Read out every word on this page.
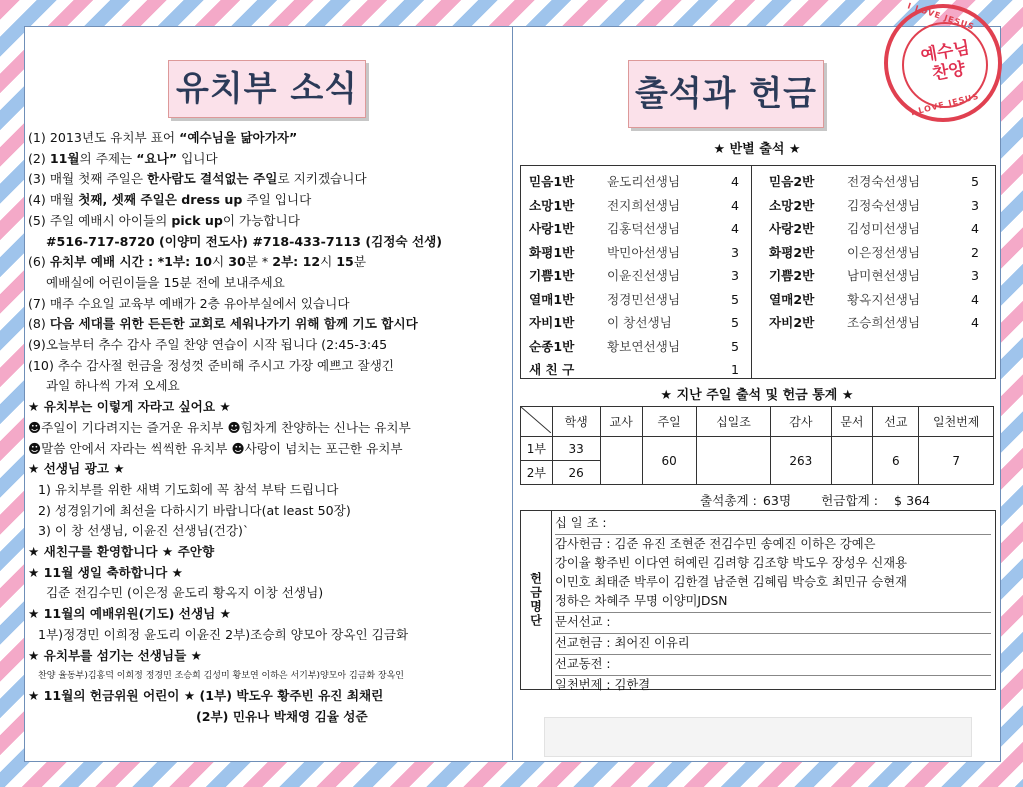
유치부 소식	출석과 헌금
예수님
찬양
I LOVE JESUS
I LOVE JESUS
(1) 2013년도 유치부 표어 “예수님을 닮아가자”
(2) 11월의 주제는 “요나” 입니다
(3) 매월 첫째 주일은 한사람도 결석없는 주일로 지키겠습니다
(4) 매월 첫째, 셋째 주일은 dress up 주일 입니다
(5) 주일 예배시 아이들의 pick up이 가능합니다
#516-717-8720 (이양미 전도사) #718-433-7113 (김정숙 선생)
(6) 유치부 예배 시간 : *1부: 10시 30분 * 2부: 12시 15분
예배실에 어린이들을 15분 전에 보내주세요
(7) 매주 수요일 교육부 예배가 2층 유아부실에서 있습니다
(8) 다음 세대를 위한 든든한 교회로 세워나가기 위해 함께 기도 합시다
(9)오늘부터 추수 감사 주일 찬양 연습이 시작 됩니다 (2:45-3:45
(10) 추수 감사절 헌금을 정성껏 준비해 주시고 가장 예쁘고 잘생긴
과일 하나씩 가져 오세요
★ 유치부는 이렇게 자라고 싶어요 ★
☻주일이 기다려지는 즐거운 유치부 ☻힘차게 찬양하는 신나는 유치부
☻말씀 안에서 자라는 씩씩한 유치부 ☻사랑이 넘치는 포근한 유치부
★ 선생님 광고 ★
1) 유치부를 위한 새벽 기도회에 꼭 참석 부탁 드립니다
2) 성경읽기에 최선을 다하시기 바랍니다(at least 50장)
3) 이 창 선생님, 이윤진 선생님(건강)`
★ 새친구를 환영합니다 ★ 주안향
★ 11월 생일 축하합니다 ★
김준 전김수민 (이은정 윤도리 황옥지 이창 선생님)
★ 11월의 예배위원(기도) 선생님 ★
1부)정경민 이희정 윤도리 이윤진 2부)조승희 양모아 장옥인 김금화
★ 유치부를 섬기는 선생님들 ★
찬양 율동부)김홍덕 이희정 정경민 조승희 김성미 황보연 이하은 서기부)양모아 김금화 장옥인
★ 11월의 헌금위원 어린이 ★ (1부) 박도우 황주빈 유진 최채린
(2부) 민유나 박채영 김율 성준
★ 반별 출석 ★
믿음1반	윤도리선생님	4
소망1반	전지희선생님	4
사랑1반	김홍덕선생님	4
화평1반	박민아선생님	3
기쁨1반	이윤진선생님	3
열매1반	정경민선생님	5
자비1반	이 창선생님	5
순종1반	황보연선생님	5
새 친 구	1
믿음2반	전경숙선생님	5
소망2반	김정숙선생님	3
사랑2반	김성미선생님	4
화평2반	이은정선생님	2
기쁨2반	남미현선생님	3
열매2반	황옥지선생님	4
자비2반	조승희선생님	4
★ 지난 주일 출석 및 헌금 통계 ★
	학생	교사	주일	십일조	감사	문서	선교	일천번제
1부	33		60		263		6	7
2부	26							
출석총계 : 63명 헌금합계 : $ 364
헌금명단
십 일 조 :
감사헌금 : 김준 유진 조현준 전김수민 송예진 이하은 강예은
강이율 황주빈 이다연 허예린 김려향 김조향 박도우 장성우 신재용
이민호 최태준 박루이 김한결 남준현 김혜림 박승호 최민규 승현재
정하은 차혜주 무명 이양미JDSN
문서선교 :
선교헌금 : 최어진 이유리
선교동전 :
일천번제 : 김한결
